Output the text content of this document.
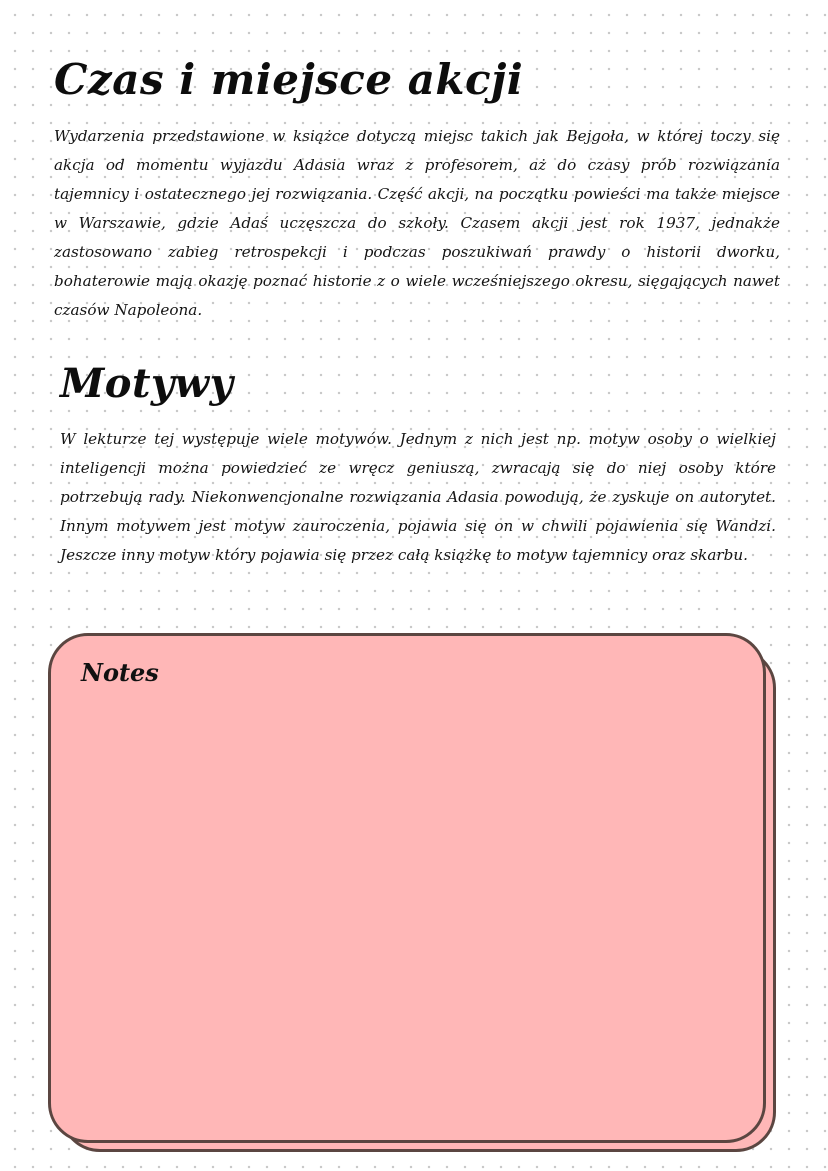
Czas i miejsce akcji

Wydarzenia przedstawione w książce dotyczą miejsc takich jak Bejgoła, w której toczy się akcja od momentu wyjazdu Adasia wraz z profesorem, aż do czasy prób rozwiązania tajemnicy i ostatecznego jej rozwiązania. Część akcji, na początku powieści ma także miejsce w Warszawie, gdzie Adaś uczęszcza do szkoły. Czasem akcji jest rok 1937, jednakże zastosowano zabieg retrospekcji i podczas poszukiwań prawdy o historii dworku, bohaterowie mają okazję poznać historie z o wiele wcześniejszego okresu, sięgających nawet czasów Napoleona.

Motywy

W lekturze tej występuje wiele motywów. Jednym z nich jest np. motyw osoby o wielkiej inteligencji można powiedzieć ze wręcz geniuszą, zwracają się do niej osoby które potrzebują rady. Niekonwencjonalne rozwiązania Adasia powodują, że zyskuje on autorytet. Innym motywem jest motyw zauroczenia, pojawia się on w chwili pojawienia się Wandzi. Jeszcze inny motyw który pojawia się przez całą książkę to motyw tajemnicy oraz skarbu.

Notes
